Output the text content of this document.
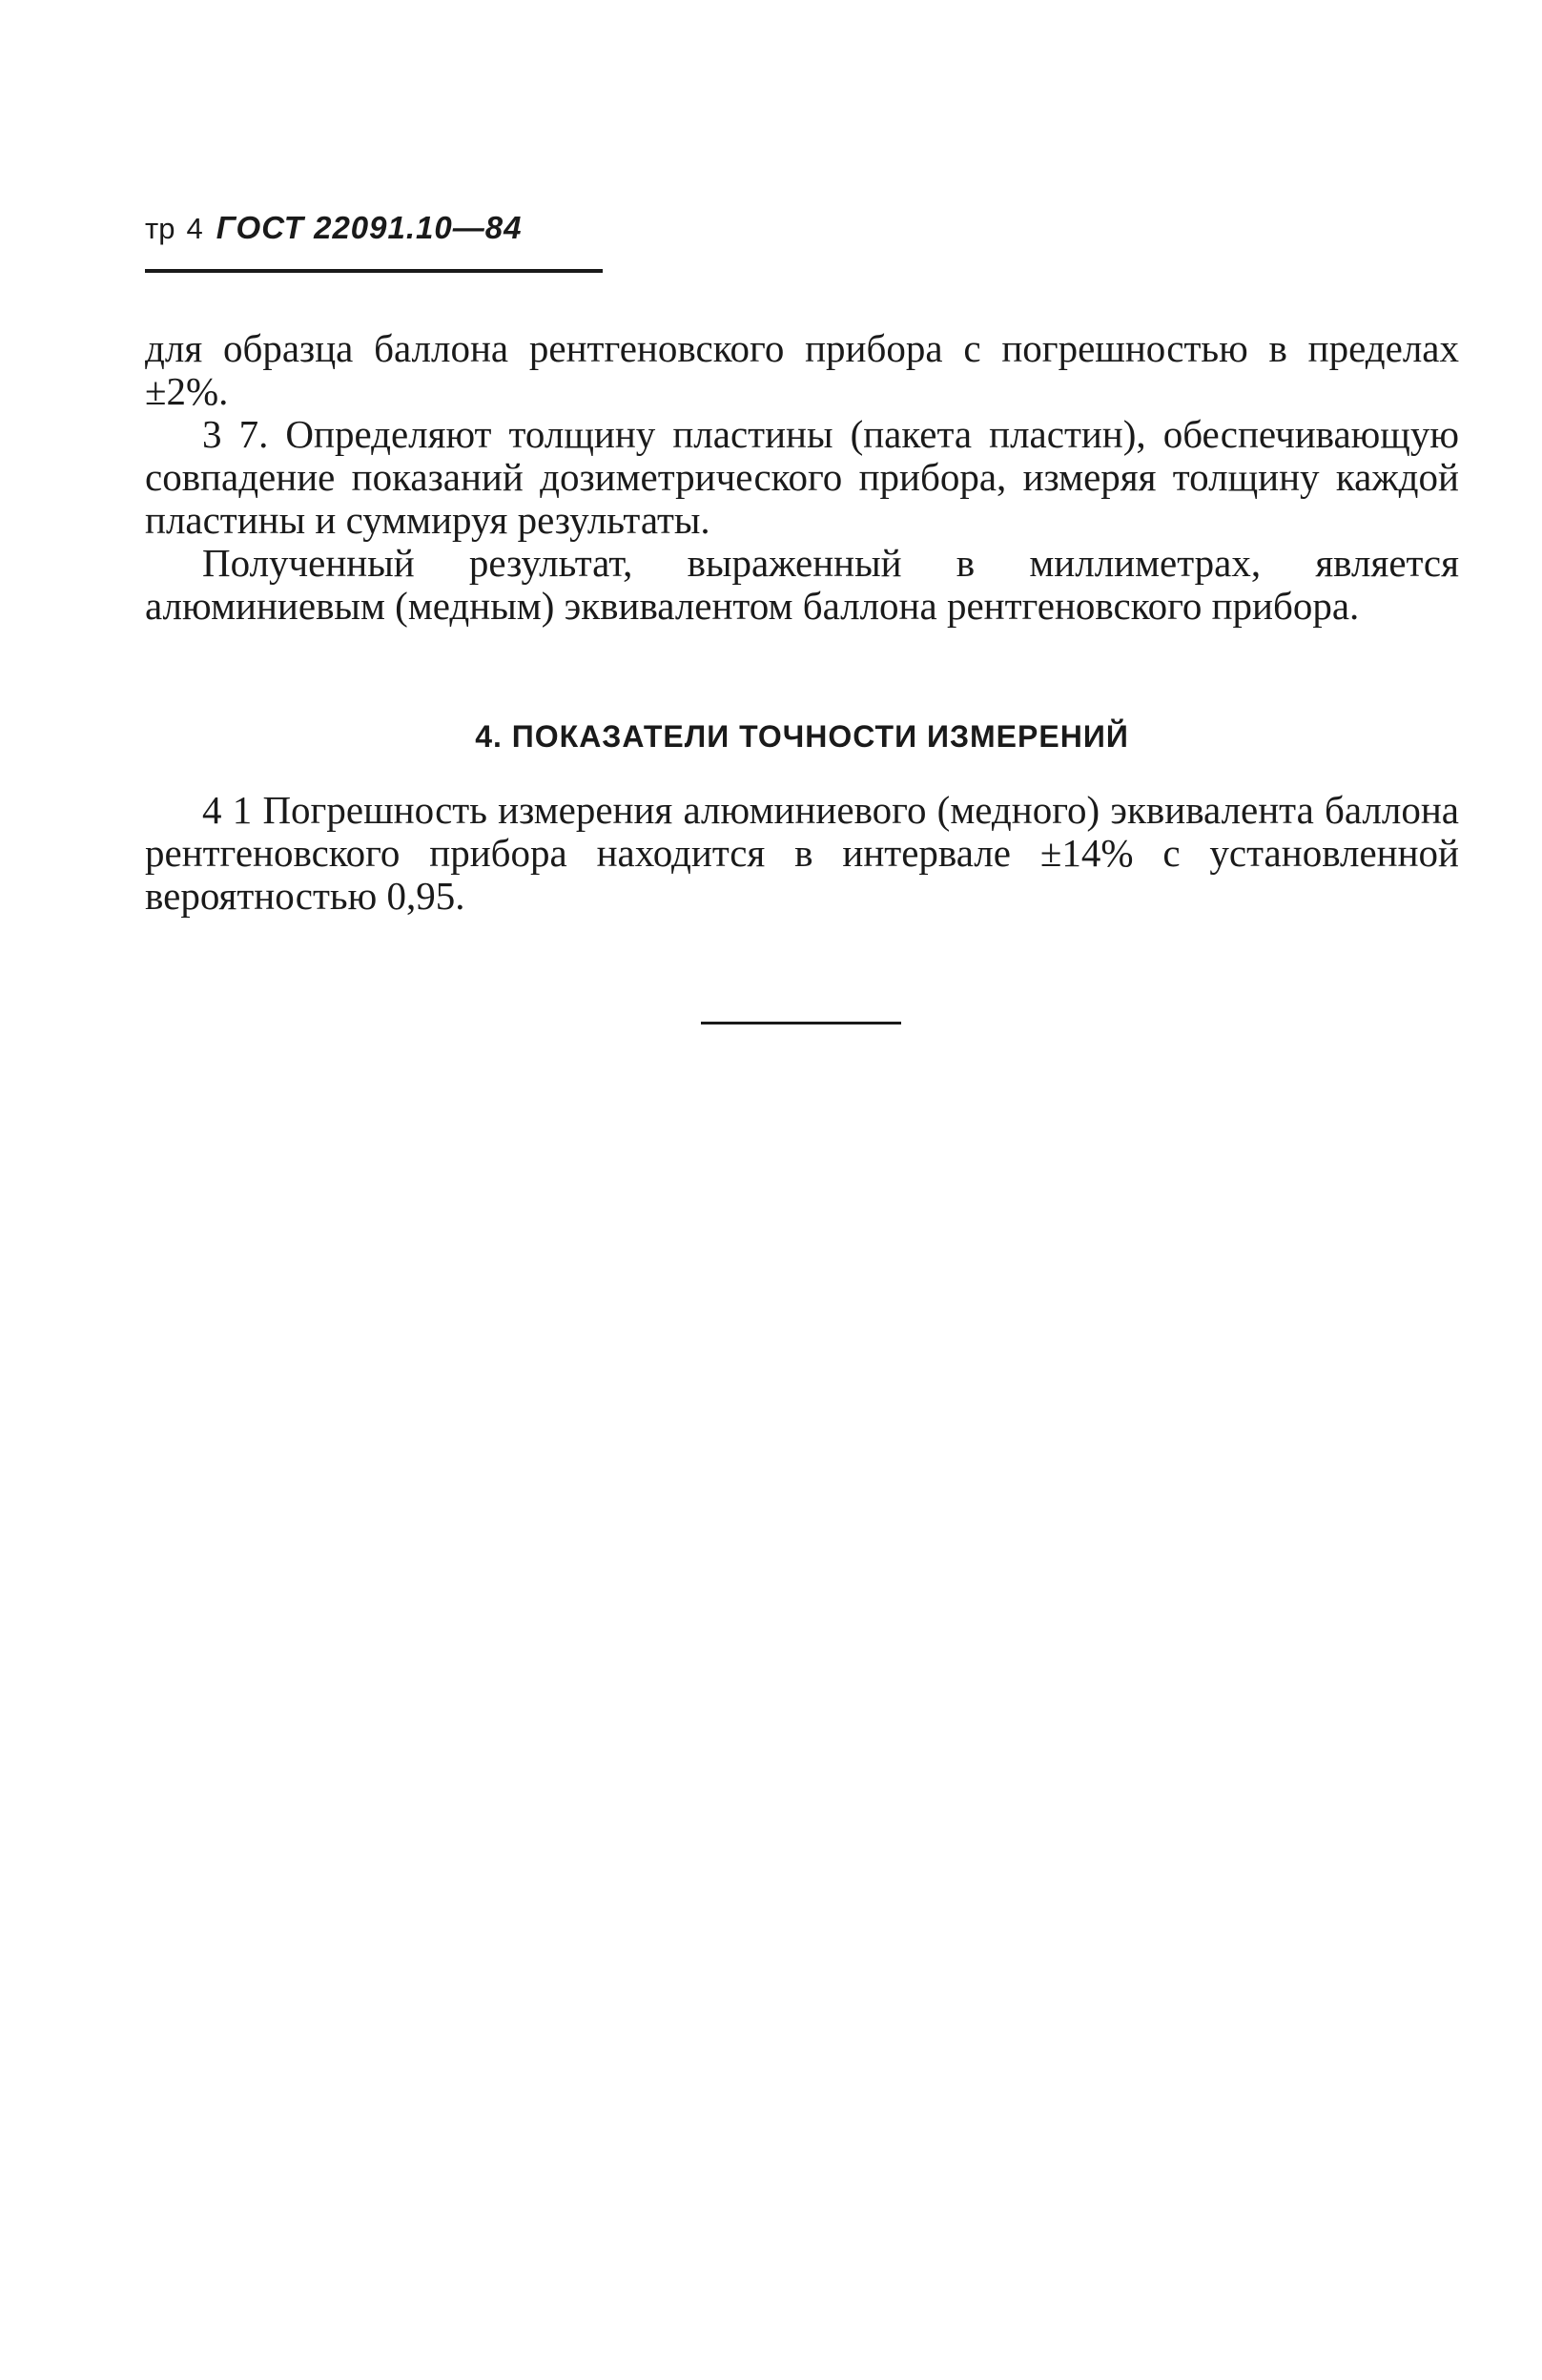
тр 4 ГОСТ 22091.10—84

для образца баллона рентгеновского прибора с погрешностью в пределах ±2%.

3 7. Определяют толщину пластины (пакета пластин), обеспечивающую совпадение показаний дозиметрического прибора, измеряя толщину каждой пластины и суммируя результаты.

Полученный результат, выраженный в миллиметрах, является алюминиевым (медным) эквивалентом баллона рентгеновского прибора.

4. ПОКАЗАТЕЛИ ТОЧНОСТИ ИЗМЕРЕНИЙ

4 1 Погрешность измерения алюминиевого (медного) эквивалента баллона рентгеновского прибора находится в интервале ±14% с установленной вероятностью 0,95.
